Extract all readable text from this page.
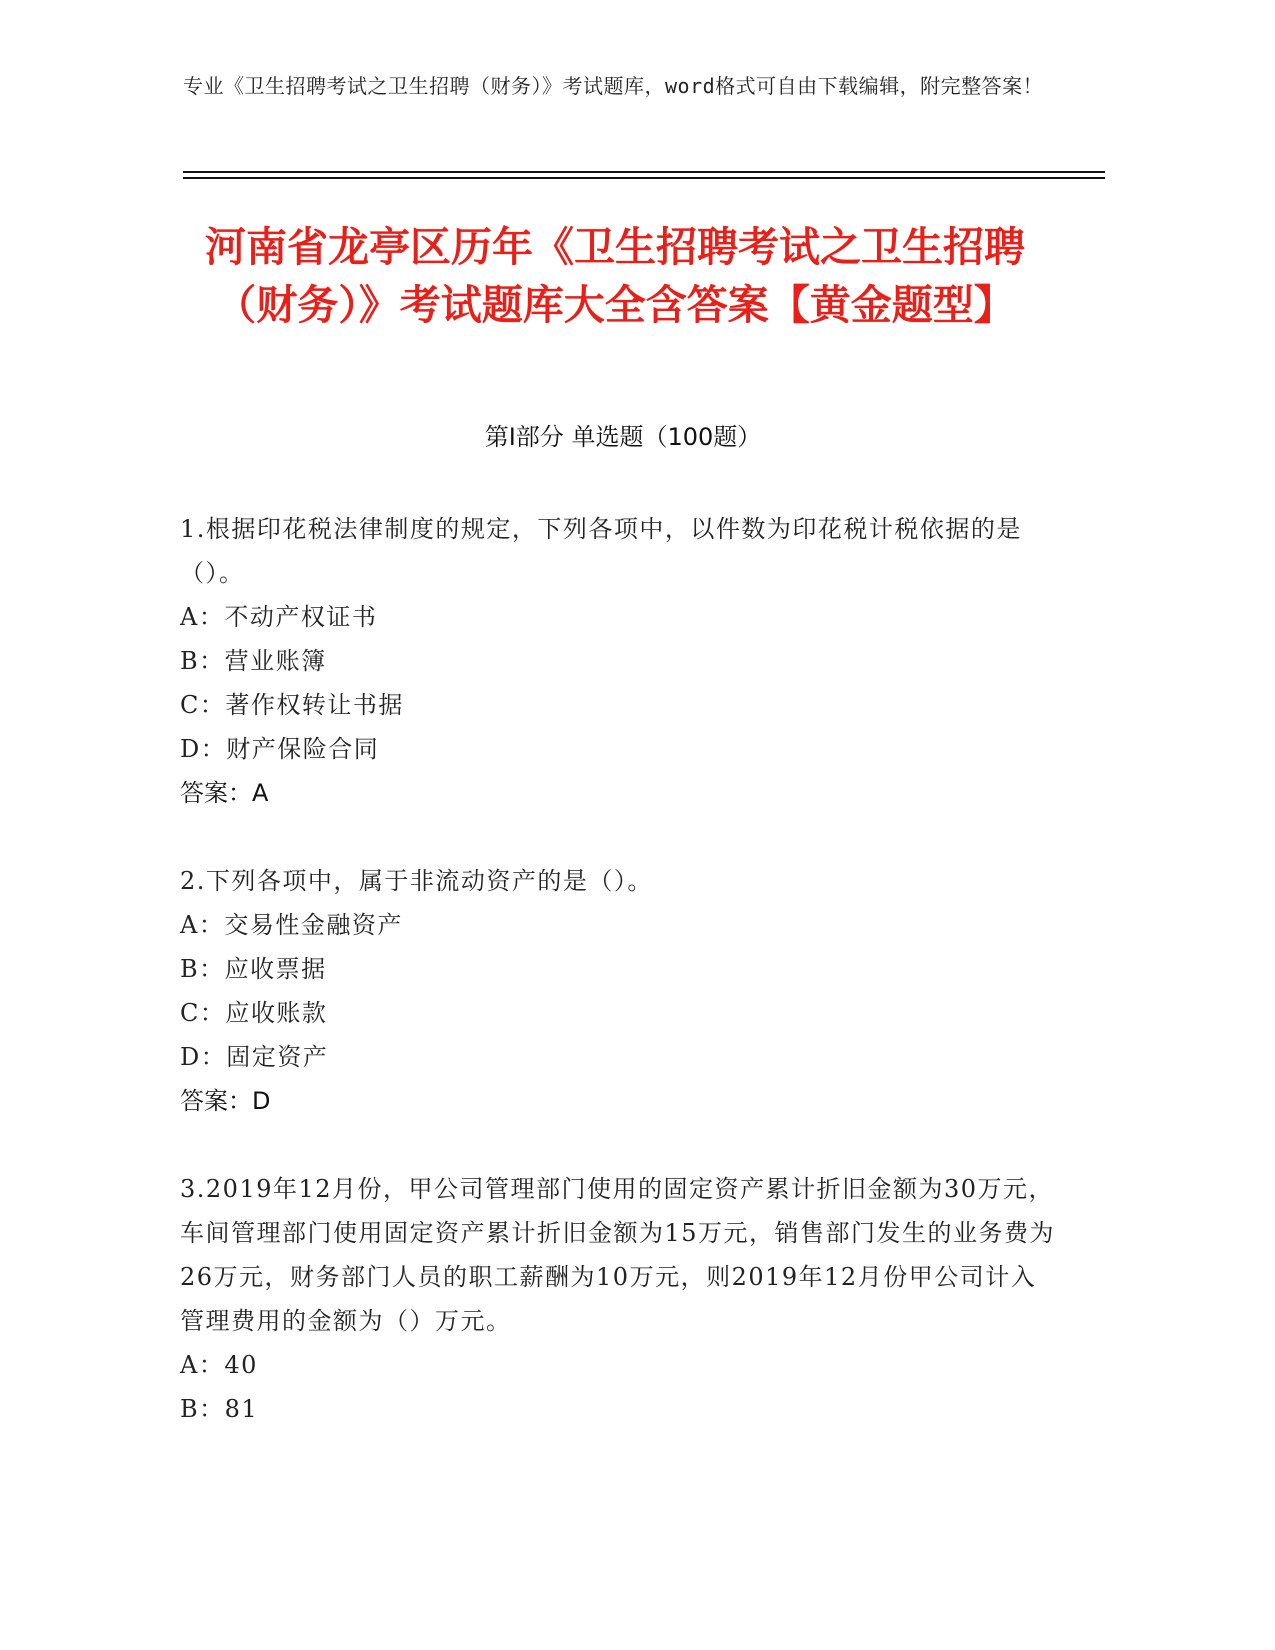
专业《卫生招聘考试之卫生招聘（财务）》考试题库，word格式可自由下载编辑，附完整答案！
河南省龙亭区历年《卫生招聘考试之卫生招聘（财务）》考试题库大全含答案【黄金题型】
第I部分 单选题（100题）

1.根据印花税法律制度的规定，下列各项中，以件数为印花税计税依据的是（）。

A：不动产权证书

B：营业账簿

C：著作权转让书据

D：财产保险合同

答案：A

2.下列各项中，属于非流动资产的是（）。

A：交易性金融资产

B：应收票据

C：应收账款

D：固定资产

答案：D

3.2019年12月份，甲公司管理部门使用的固定资产累计折旧金额为30万元，车间管理部门使用固定资产累计折旧金额为15万元，销售部门发生的业务费为26万元，财务部门人员的职工薪酬为10万元，则2019年12月份甲公司计入管理费用的金额为（）万元。

A：40

B：81
